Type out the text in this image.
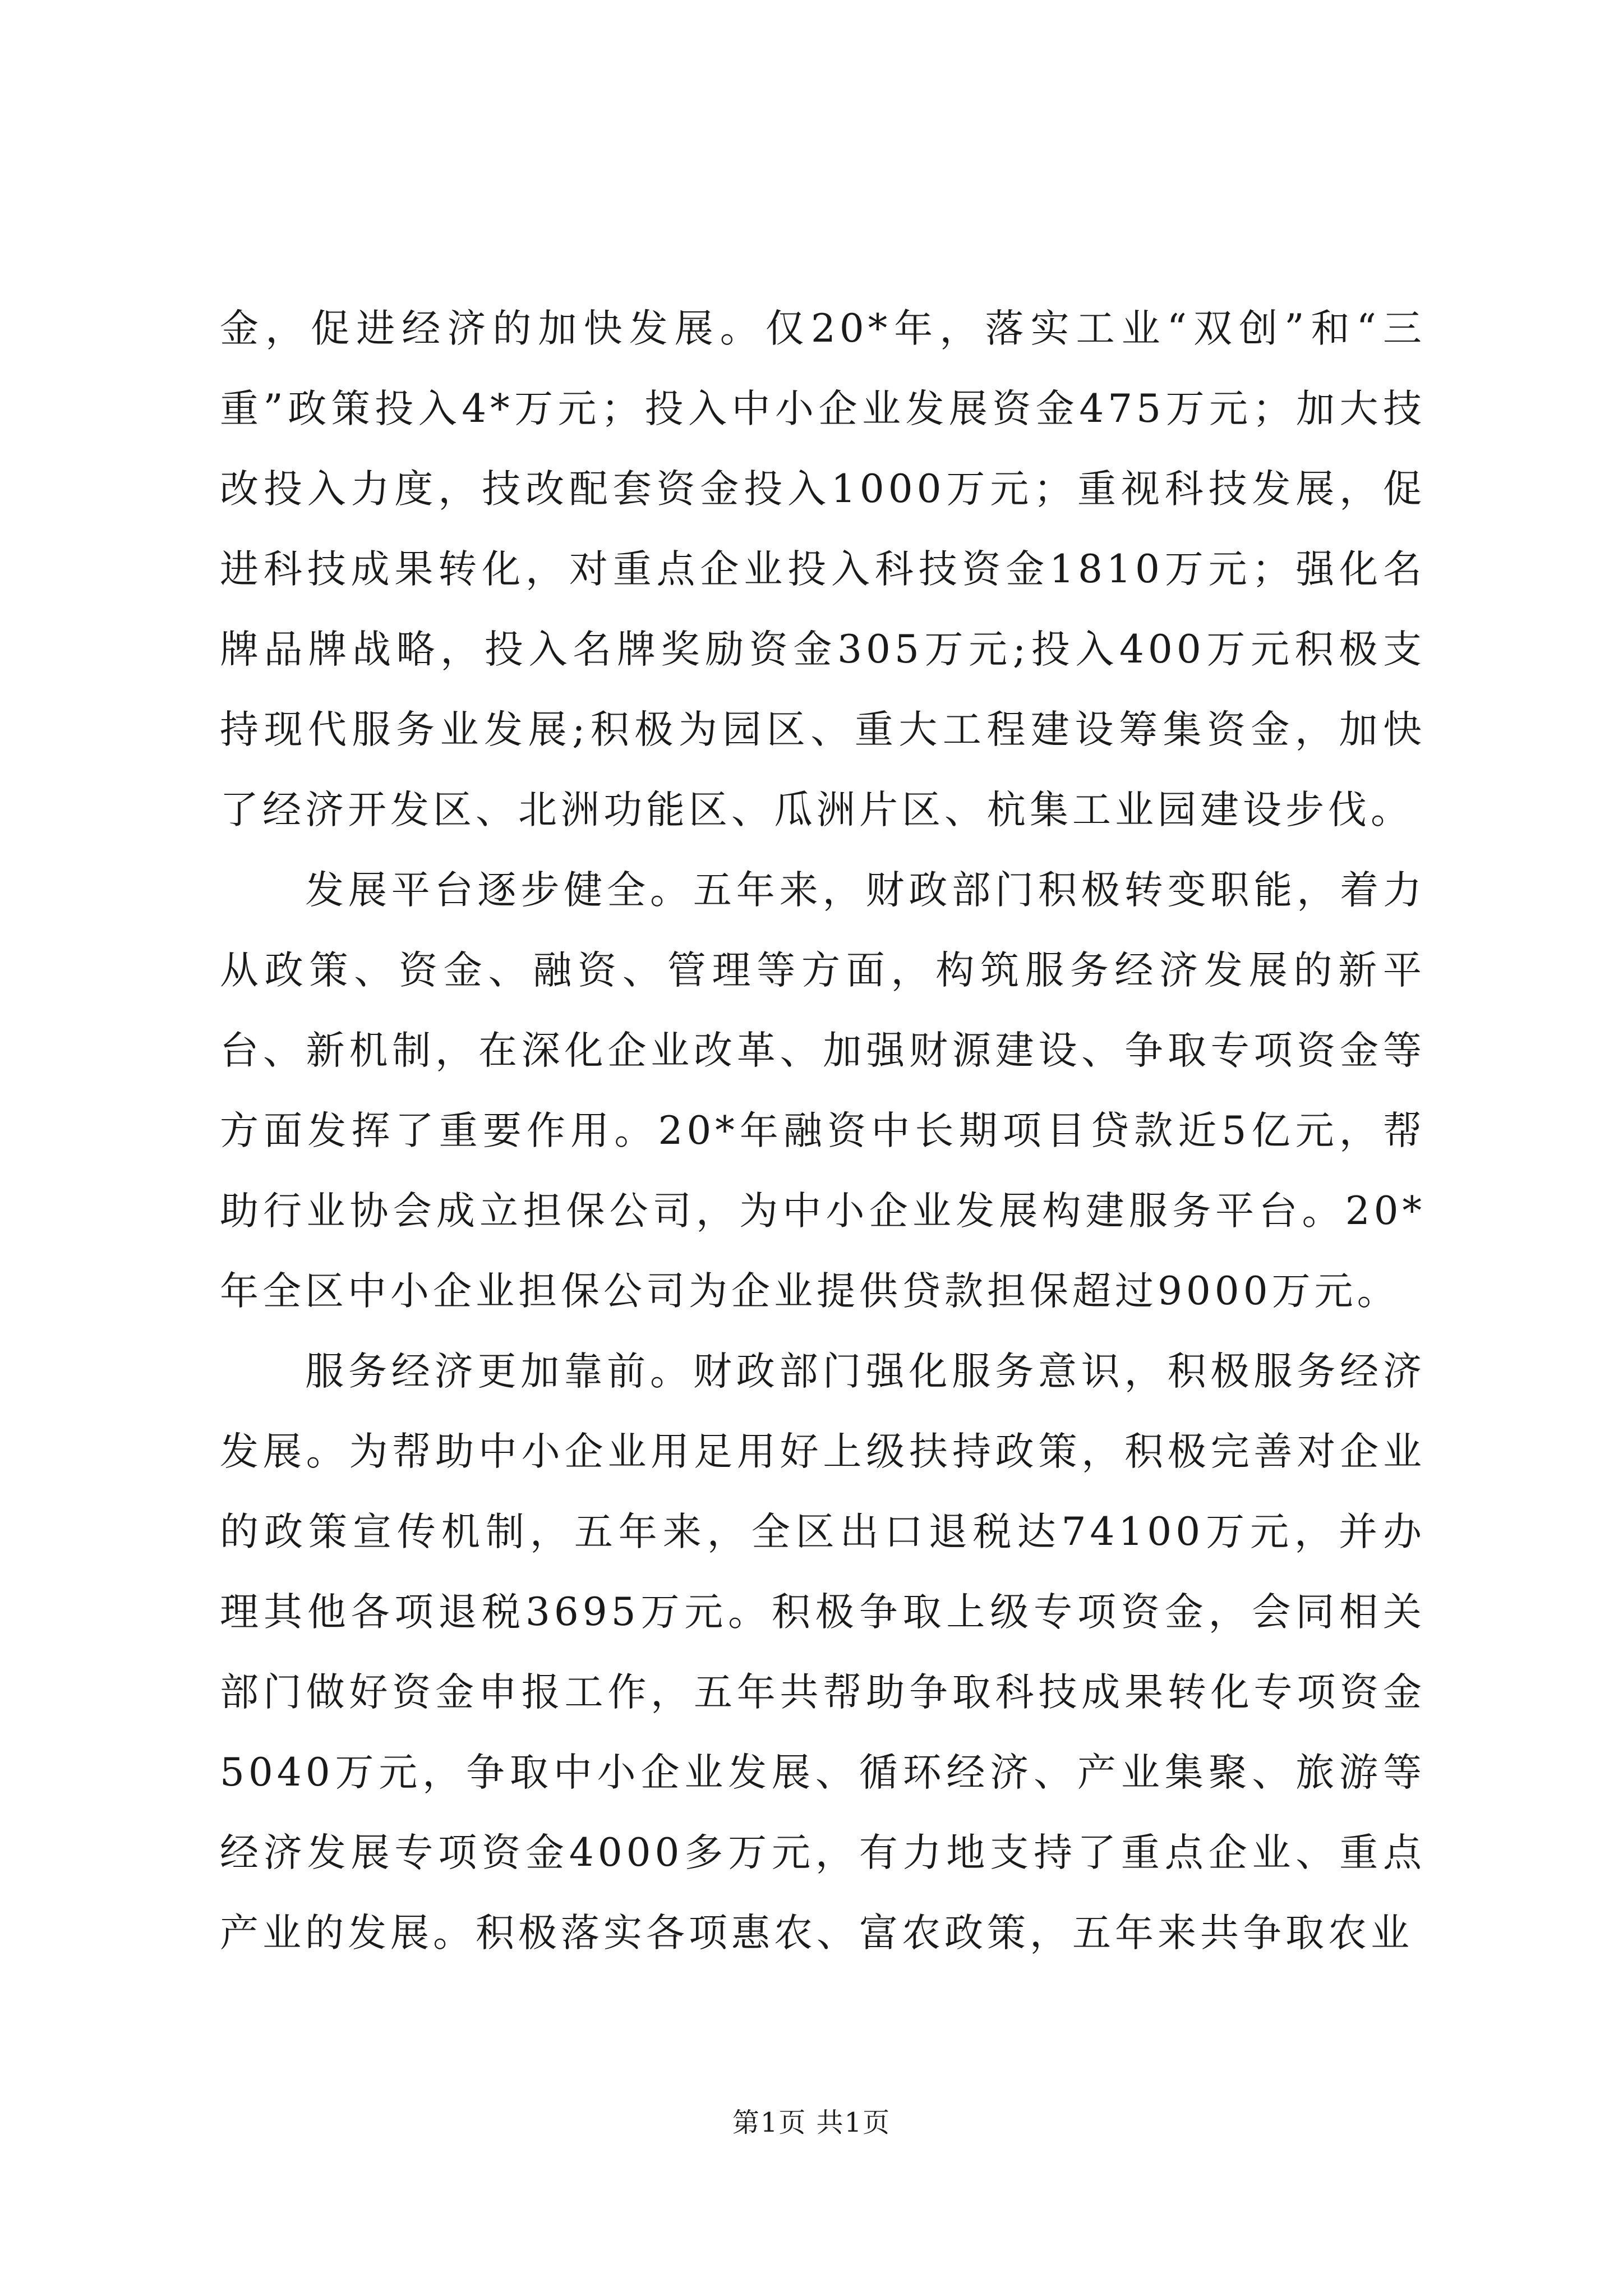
金，促进经济的加快发展。仅20*年，落实工业“双创”和“三重”政策投入4*万元；投入中小企业发展资金475万元；加大技改投入力度，技改配套资金投入1000万元；重视科技发展，促进科技成果转化，对重点企业投入科技资金1810万元；强化名牌品牌战略，投入名牌奖励资金305万元;投入400万元积极支持现代服务业发展;积极为园区、重大工程建设筹集资金，加快了经济开发区、北洲功能区、瓜洲片区、杭集工业园建设步伐。

发展平台逐步健全。五年来，财政部门积极转变职能，着力从政策、资金、融资、管理等方面，构筑服务经济发展的新平台、新机制，在深化企业改革、加强财源建设、争取专项资金等方面发挥了重要作用。20*年融资中长期项目贷款近5亿元，帮助行业协会成立担保公司，为中小企业发展构建服务平台。20*年全区中小企业担保公司为企业提供贷款担保超过9000万元。

服务经济更加靠前。财政部门强化服务意识，积极服务经济发展。为帮助中小企业用足用好上级扶持政策，积极完善对企业的政策宣传机制，五年来，全区出口退税达74100万元，并办理其他各项退税3695万元。积极争取上级专项资金，会同相关部门做好资金申报工作，五年共帮助争取科技成果转化专项资金5040万元，争取中小企业发展、循环经济、产业集聚、旅游等经济发展专项资金4000多万元，有力地支持了重点企业、重点产业的发展。积极落实各项惠农、富农政策，五年来共争取农业

第1页 共1页
